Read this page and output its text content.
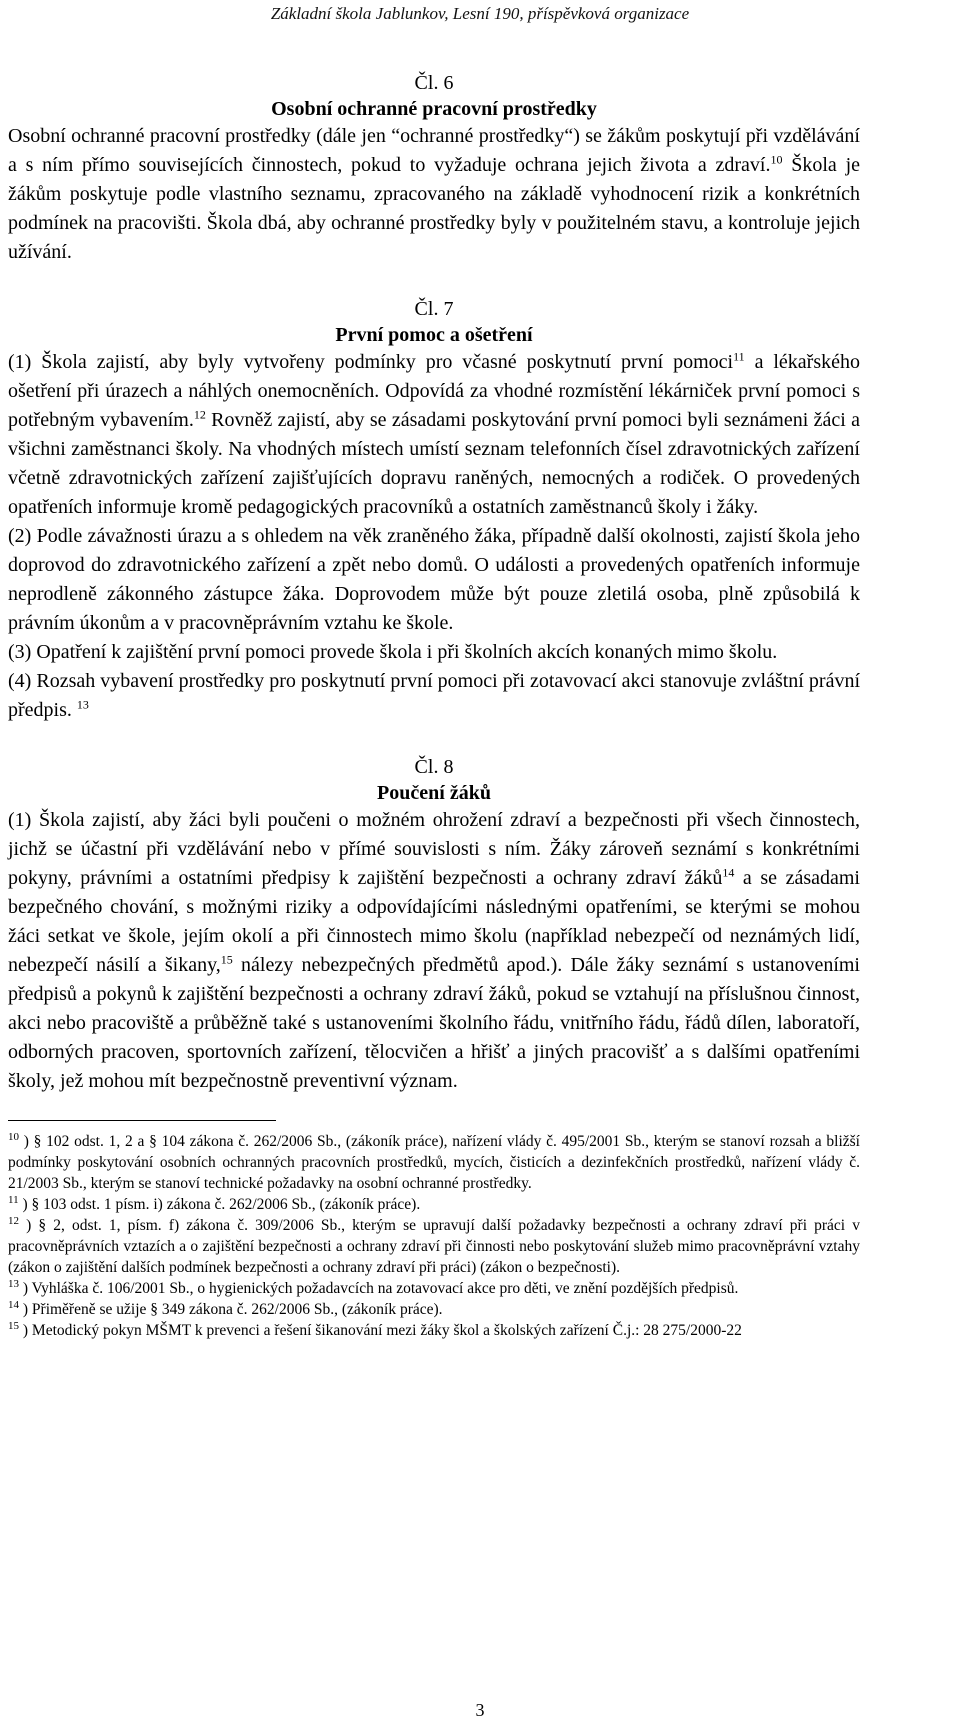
Základní škola Jablunkov, Lesní 190, příspěvková organizace
Čl. 6
Osobní ochranné pracovní prostředky

Osobní ochranné pracovní prostředky (dále jen “ochranné prostředky“) se žákům poskytují při vzdělávání a s ním přímo souvisejících činnostech, pokud to vyžaduje ochrana jejich života a zdraví.$^{10}$ Škola je žákům poskytuje podle vlastního seznamu, zpracovaného na základě vyhodnocení rizik a konkrétních podmínek na pracovišti. Škola dbá, aby ochranné prostředky byly v použitelném stavu, a kontroluje jejich užívání.

Čl. 7
První pomoc a ošetření

(1) Škola zajistí, aby byly vytvořeny podmínky pro včasné poskytnutí první pomoci$^{11}$ a lékařského ošetření při úrazech a náhlých onemocněních. Odpovídá za vhodné rozmístění lékárniček první pomoci s potřebným vybavením.$^{12}$ Rovněž zajistí, aby se zásadami poskytování první pomoci byli seznámeni žáci a všichni zaměstnanci školy. Na vhodných místech umístí seznam telefonních čísel zdravotnických zařízení včetně zdravotnických zařízení zajišťujících dopravu raněných, nemocných a rodiček. O provedených opatřeních informuje kromě pedagogických pracovníků a ostatních zaměstnanců školy i žáky.

(2) Podle závažnosti úrazu a s ohledem na věk zraněného žáka, případně další okolnosti, zajistí škola jeho doprovod do zdravotnického zařízení a zpět nebo domů. O události a provedených opatřeních informuje neprodleně zákonného zástupce žáka. Doprovodem může být pouze zletilá osoba, plně způsobilá k právním úkonům a v pracovněprávním vztahu ke škole.

(3) Opatření k zajištění první pomoci provede škola i při školních akcích konaných mimo školu.

(4) Rozsah vybavení prostředky pro poskytnutí první pomoci při zotavovací akci stanovuje zvláštní právní předpis. $^{13}$

Čl. 8
Poučení žáků

(1) Škola zajistí, aby žáci byli poučeni o možném ohrožení zdraví a bezpečnosti při všech činnostech, jichž se účastní při vzdělávání nebo v přímé souvislosti s ním. Žáky zároveň seznámí s konkrétními pokyny, právními a ostatními předpisy k zajištění bezpečnosti a ochrany zdraví žáků$^{14}$ a se zásadami bezpečného chování, s možnými riziky a odpovídajícími následnými opatřeními, se kterými se mohou žáci setkat ve škole, jejím okolí a při činnostech mimo školu (například nebezpečí od neznámých lidí, nebezpečí násilí a šikany,$^{15}$ nálezy nebezpečných předmětů apod.). Dále žáky seznámí s ustanoveními předpisů a pokynů k zajištění bezpečnosti a ochrany zdraví žáků, pokud se vztahují na příslušnou činnost, akci nebo pracoviště a průběžně také s ustanoveními školního řádu, vnitřního řádu, řádů dílen, laboratoří, odborných pracoven, sportovních zařízení, tělocvičen a hřišť a jiných pracovišť a s dalšími opatřeními školy, jež mohou mít bezpečnostně preventivní význam.

$^{10}$ ) § 102 odst. 1, 2 a § 104 zákona č. 262/2006 Sb., (zákoník práce), nařízení vlády č. 495/2001 Sb., kterým se stanoví rozsah a bližší podmínky poskytování osobních ochranných pracovních prostředků, mycích, čisticích a dezinfekčních prostředků, nařízení vlády č. 21/2003 Sb., kterým se stanoví technické požadavky na osobní ochranné prostředky.

$^{11}$ ) § 103 odst. 1 písm. i) zákona č. 262/2006 Sb., (zákoník práce).

$^{12}$ ) § 2, odst. 1, písm. f) zákona č. 309/2006 Sb., kterým se upravují další požadavky bezpečnosti a ochrany zdraví při práci v pracovněprávních vztazích a o zajištění bezpečnosti a ochrany zdraví při činnosti nebo poskytování služeb mimo pracovněprávní vztahy (zákon o zajištění dalších podmínek bezpečnosti a ochrany zdraví při práci) (zákon o bezpečnosti).

$^{13}$ ) Vyhláška č. 106/2001 Sb., o hygienických požadavcích na zotavovací akce pro děti, ve znění pozdějších předpisů.

$^{14}$ ) Přiměřeně se užije § 349 zákona č. 262/2006 Sb., (zákoník práce).

$^{15}$ ) Metodický pokyn MŠMT k prevenci a řešení šikanování mezi žáky škol a školských zařízení Č.j.: 28 275/2000-22

3
